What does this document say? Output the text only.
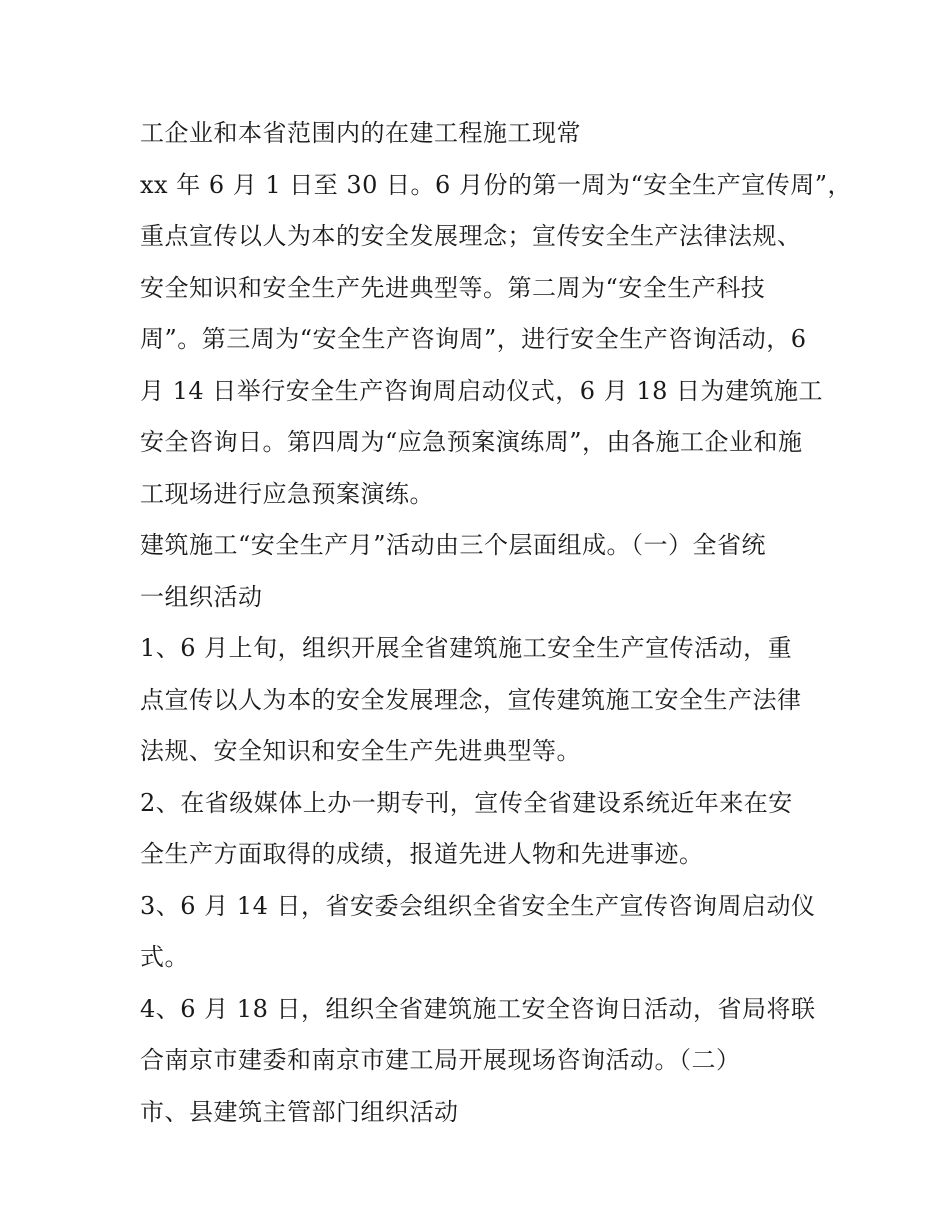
工企业和本省范围内的在建工程施工现常
xx 年 6 月 1 日至 30 日。6 月份的第一周为“安全生产宣传周”，
重点宣传以人为本的安全发展理念；宣传安全生产法律法规、
安全知识和安全生产先进典型等。第二周为“安全生产科技
周”。第三周为“安全生产咨询周”，进行安全生产咨询活动，6
月 14 日举行安全生产咨询周启动仪式，6 月 18 日为建筑施工
安全咨询日。第四周为“应急预案演练周”，由各施工企业和施
工现场进行应急预案演练。
建筑施工“安全生产月”活动由三个层面组成。（一）全省统
一组织活动
1、6 月上旬，组织开展全省建筑施工安全生产宣传活动，重
点宣传以人为本的安全发展理念，宣传建筑施工安全生产法律
法规、安全知识和安全生产先进典型等。
2、在省级媒体上办一期专刊，宣传全省建设系统近年来在安
全生产方面取得的成绩，报道先进人物和先进事迹。
3、6 月 14 日，省安委会组织全省安全生产宣传咨询周启动仪
式。
4、6 月 18 日，组织全省建筑施工安全咨询日活动，省局将联
合南京市建委和南京市建工局开展现场咨询活动。（二）
市、县建筑主管部门组织活动
